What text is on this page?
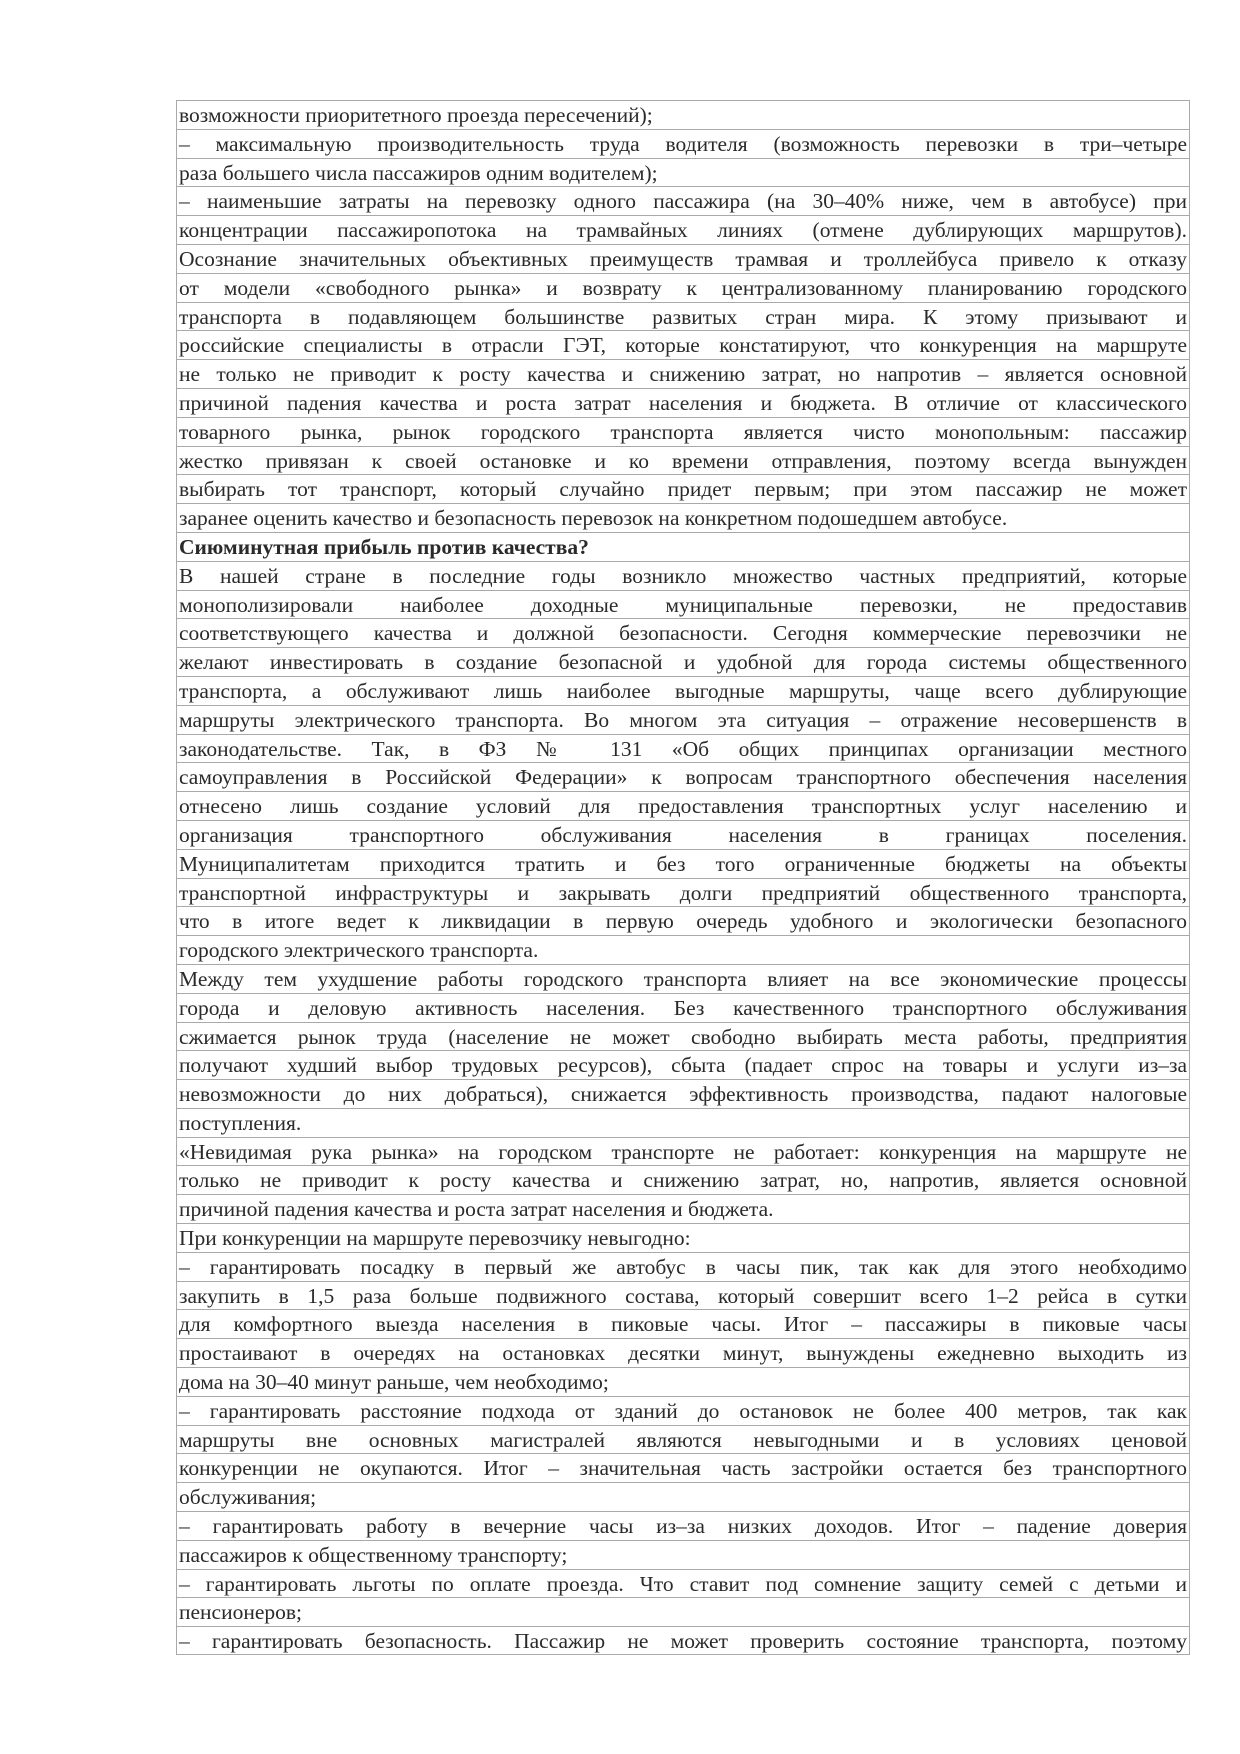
возможности приоритетного проезда пересечений);
– максимальную производительность труда водителя (возможность перевозки в три–четыре
раза большего числа пассажиров одним водителем);
– наименьшие затраты на перевозку одного пассажира (на 30–40% ниже, чем в автобусе) при
концентрации пассажиропотока на трамвайных линиях (отмене дублирующих маршрутов).
Осознание значительных объективных преимуществ трамвая и троллейбуса привело к отказу
от модели «свободного рынка» и возврату к централизованному планированию городского
транспорта в подавляющем большинстве развитых стран мира. К этому призывают и
российские специалисты в отрасли ГЭТ, которые констатируют, что конкуренция на маршруте
не только не приводит к росту качества и снижению затрат, но напротив – является основной
причиной падения качества и роста затрат населения и бюджета. В отличие от классического
товарного рынка, рынок городского транспорта является чисто монопольным: пассажир
жестко привязан к своей остановке и ко времени отправления, поэтому всегда вынужден
выбирать тот транспорт, который случайно придет первым; при этом пассажир не может
заранее оценить качество и безопасность перевозок на конкретном подошедшем автобусе.
Сиюминутная прибыль против качества?
В нашей стране в последние годы возникло множество частных предприятий, которые
монополизировали наиболее доходные муниципальные перевозки, не предоставив
соответствующего качества и должной безопасности. Сегодня коммерческие перевозчики не
желают инвестировать в создание безопасной и удобной для города системы общественного
транспорта, а обслуживают лишь наиболее выгодные маршруты, чаще всего дублирующие
маршруты электрического транспорта. Во многом эта ситуация – отражение несовершенств в
законодательстве. Так, в ФЗ № 131 «Об общих принципах организации местного
самоуправления в Российской Федерации» к вопросам транспортного обеспечения населения
отнесено лишь создание условий для предоставления транспортных услуг населению и
организация транспортного обслуживания населения в границах поселения.
Муниципалитетам приходится тратить и без того ограниченные бюджеты на объекты
транспортной инфраструктуры и закрывать долги предприятий общественного транспорта,
что в итоге ведет к ликвидации в первую очередь удобного и экологически безопасного
городского электрического транспорта.
Между тем ухудшение работы городского транспорта влияет на все экономические процессы
города и деловую активность населения. Без качественного транспортного обслуживания
сжимается рынок труда (население не может свободно выбирать места работы, предприятия
получают худший выбор трудовых ресурсов), сбыта (падает спрос на товары и услуги из–за
невозможности до них добраться), снижается эффективность производства, падают налоговые
поступления.
«Невидимая рука рынка» на городском транспорте не работает: конкуренция на маршруте не
только не приводит к росту качества и снижению затрат, но, напротив, является основной
причиной падения качества и роста затрат населения и бюджета.
При конкуренции на маршруте перевозчику невыгодно:
– гарантировать посадку в первый же автобус в часы пик, так как для этого необходимо
закупить в 1,5 раза больше подвижного состава, который совершит всего 1–2 рейса в сутки
для комфортного выезда населения в пиковые часы. Итог – пассажиры в пиковые часы
простаивают в очередях на остановках десятки минут, вынуждены ежедневно выходить из
дома на 30–40 минут раньше, чем необходимо;
– гарантировать расстояние подхода от зданий до остановок не более 400 метров, так как
маршруты вне основных магистралей являются невыгодными и в условиях ценовой
конкуренции не окупаются. Итог – значительная часть застройки остается без транспортного
обслуживания;
– гарантировать работу в вечерние часы из–за низких доходов. Итог – падение доверия
пассажиров к общественному транспорту;
– гарантировать льготы по оплате проезда. Что ставит под сомнение защиту семей с детьми и
пенсионеров;
– гарантировать безопасность. Пассажир не может проверить состояние транспорта, поэтому
